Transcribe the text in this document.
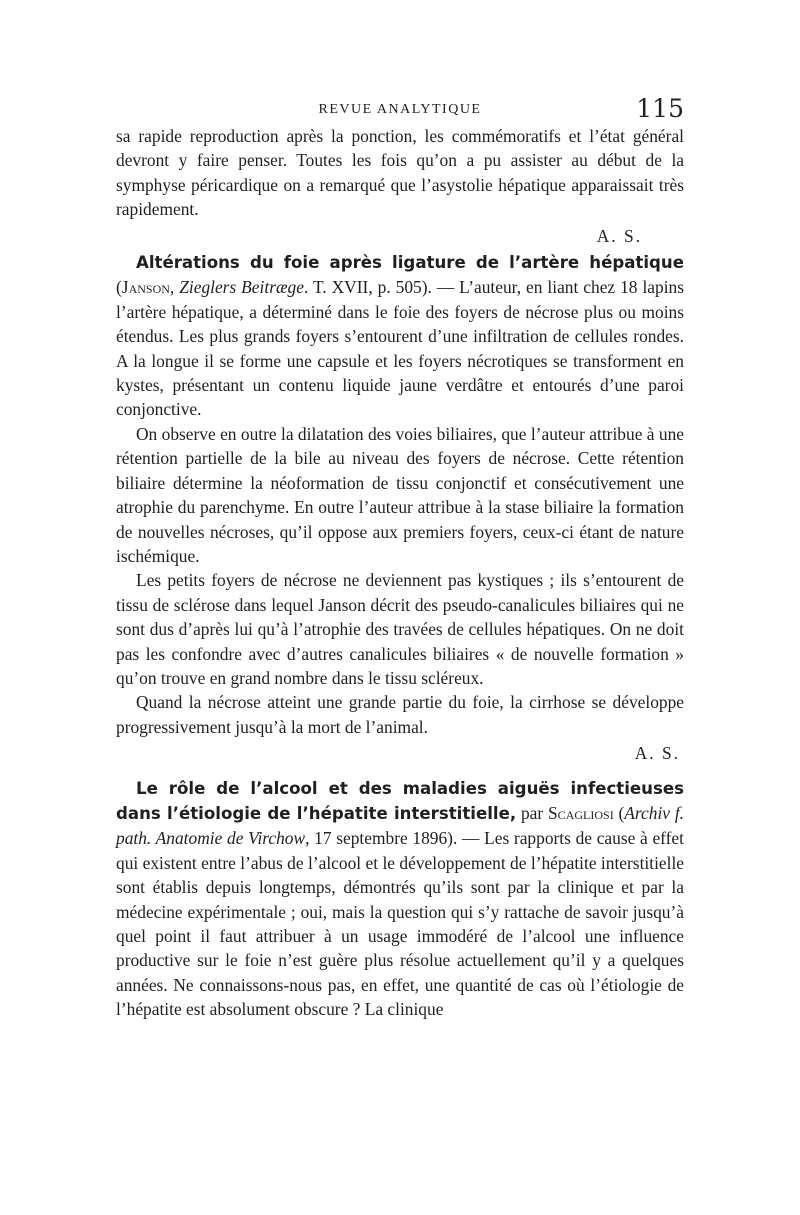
REVUE ANALYTIQUE	115

sa rapide reproduction après la ponction, les commémoratifs et l’état général devront y faire penser. Toutes les fois qu’on a pu assister au début de la symphyse péricardique on a remarqué que l’asystolie hépatique apparaissait très rapidement.

A. S.

Altérations du foie après ligature de l’artère hépatique (Janson, Zieglers Beitræge. T. XVII, p. 505). — L’auteur, en liant chez 18 lapins l’artère hépatique, a déterminé dans le foie des foyers de nécrose plus ou moins étendus. Les plus grands foyers s’entourent d’une infiltration de cellules rondes. A la longue il se forme une capsule et les foyers nécrotiques se transforment en kystes, présentant un contenu liquide jaune verdâtre et entourés d’une paroi conjonctive.

On observe en outre la dilatation des voies biliaires, que l’auteur attribue à une rétention partielle de la bile au niveau des foyers de nécrose. Cette rétention biliaire détermine la néoformation de tissu conjonctif et consécutivement une atrophie du parenchyme. En outre l’auteur attribue à la stase biliaire la formation de nouvelles nécroses, qu’il oppose aux premiers foyers, ceux-ci étant de nature ischémique.

Les petits foyers de nécrose ne deviennent pas kystiques ; ils s’entourent de tissu de sclérose dans lequel Janson décrit des pseudo-canalicules biliaires qui ne sont dus d’après lui qu’à l’atrophie des travées de cellules hépatiques. On ne doit pas les confondre avec d’autres canalicules biliaires « de nouvelle formation » qu’on trouve en grand nombre dans le tissu scléreux.

Quand la nécrose atteint une grande partie du foie, la cirrhose se développe progressivement jusqu’à la mort de l’animal.

A. S.

Le rôle de l’alcool et des maladies aiguës infectieuses dans l’étiologie de l’hépatite interstitielle, par Scagliosi (Archiv f. path. Anatomie de Virchow, 17 septembre 1896). — Les rapports de cause à effet qui existent entre l’abus de l’alcool et le développement de l’hépatite interstitielle sont établis depuis longtemps, démontrés qu’ils sont par la clinique et par la médecine expérimentale ; oui, mais la question qui s’y rattache de savoir jusqu’à quel point il faut attribuer à un usage immodéré de l’alcool une influence productive sur le foie n’est guère plus résolue actuellement qu’il y a quelques années. Ne connaissons-nous pas, en effet, une quantité de cas où l’étiologie de l’hépatite est absolument obscure ? La clinique
